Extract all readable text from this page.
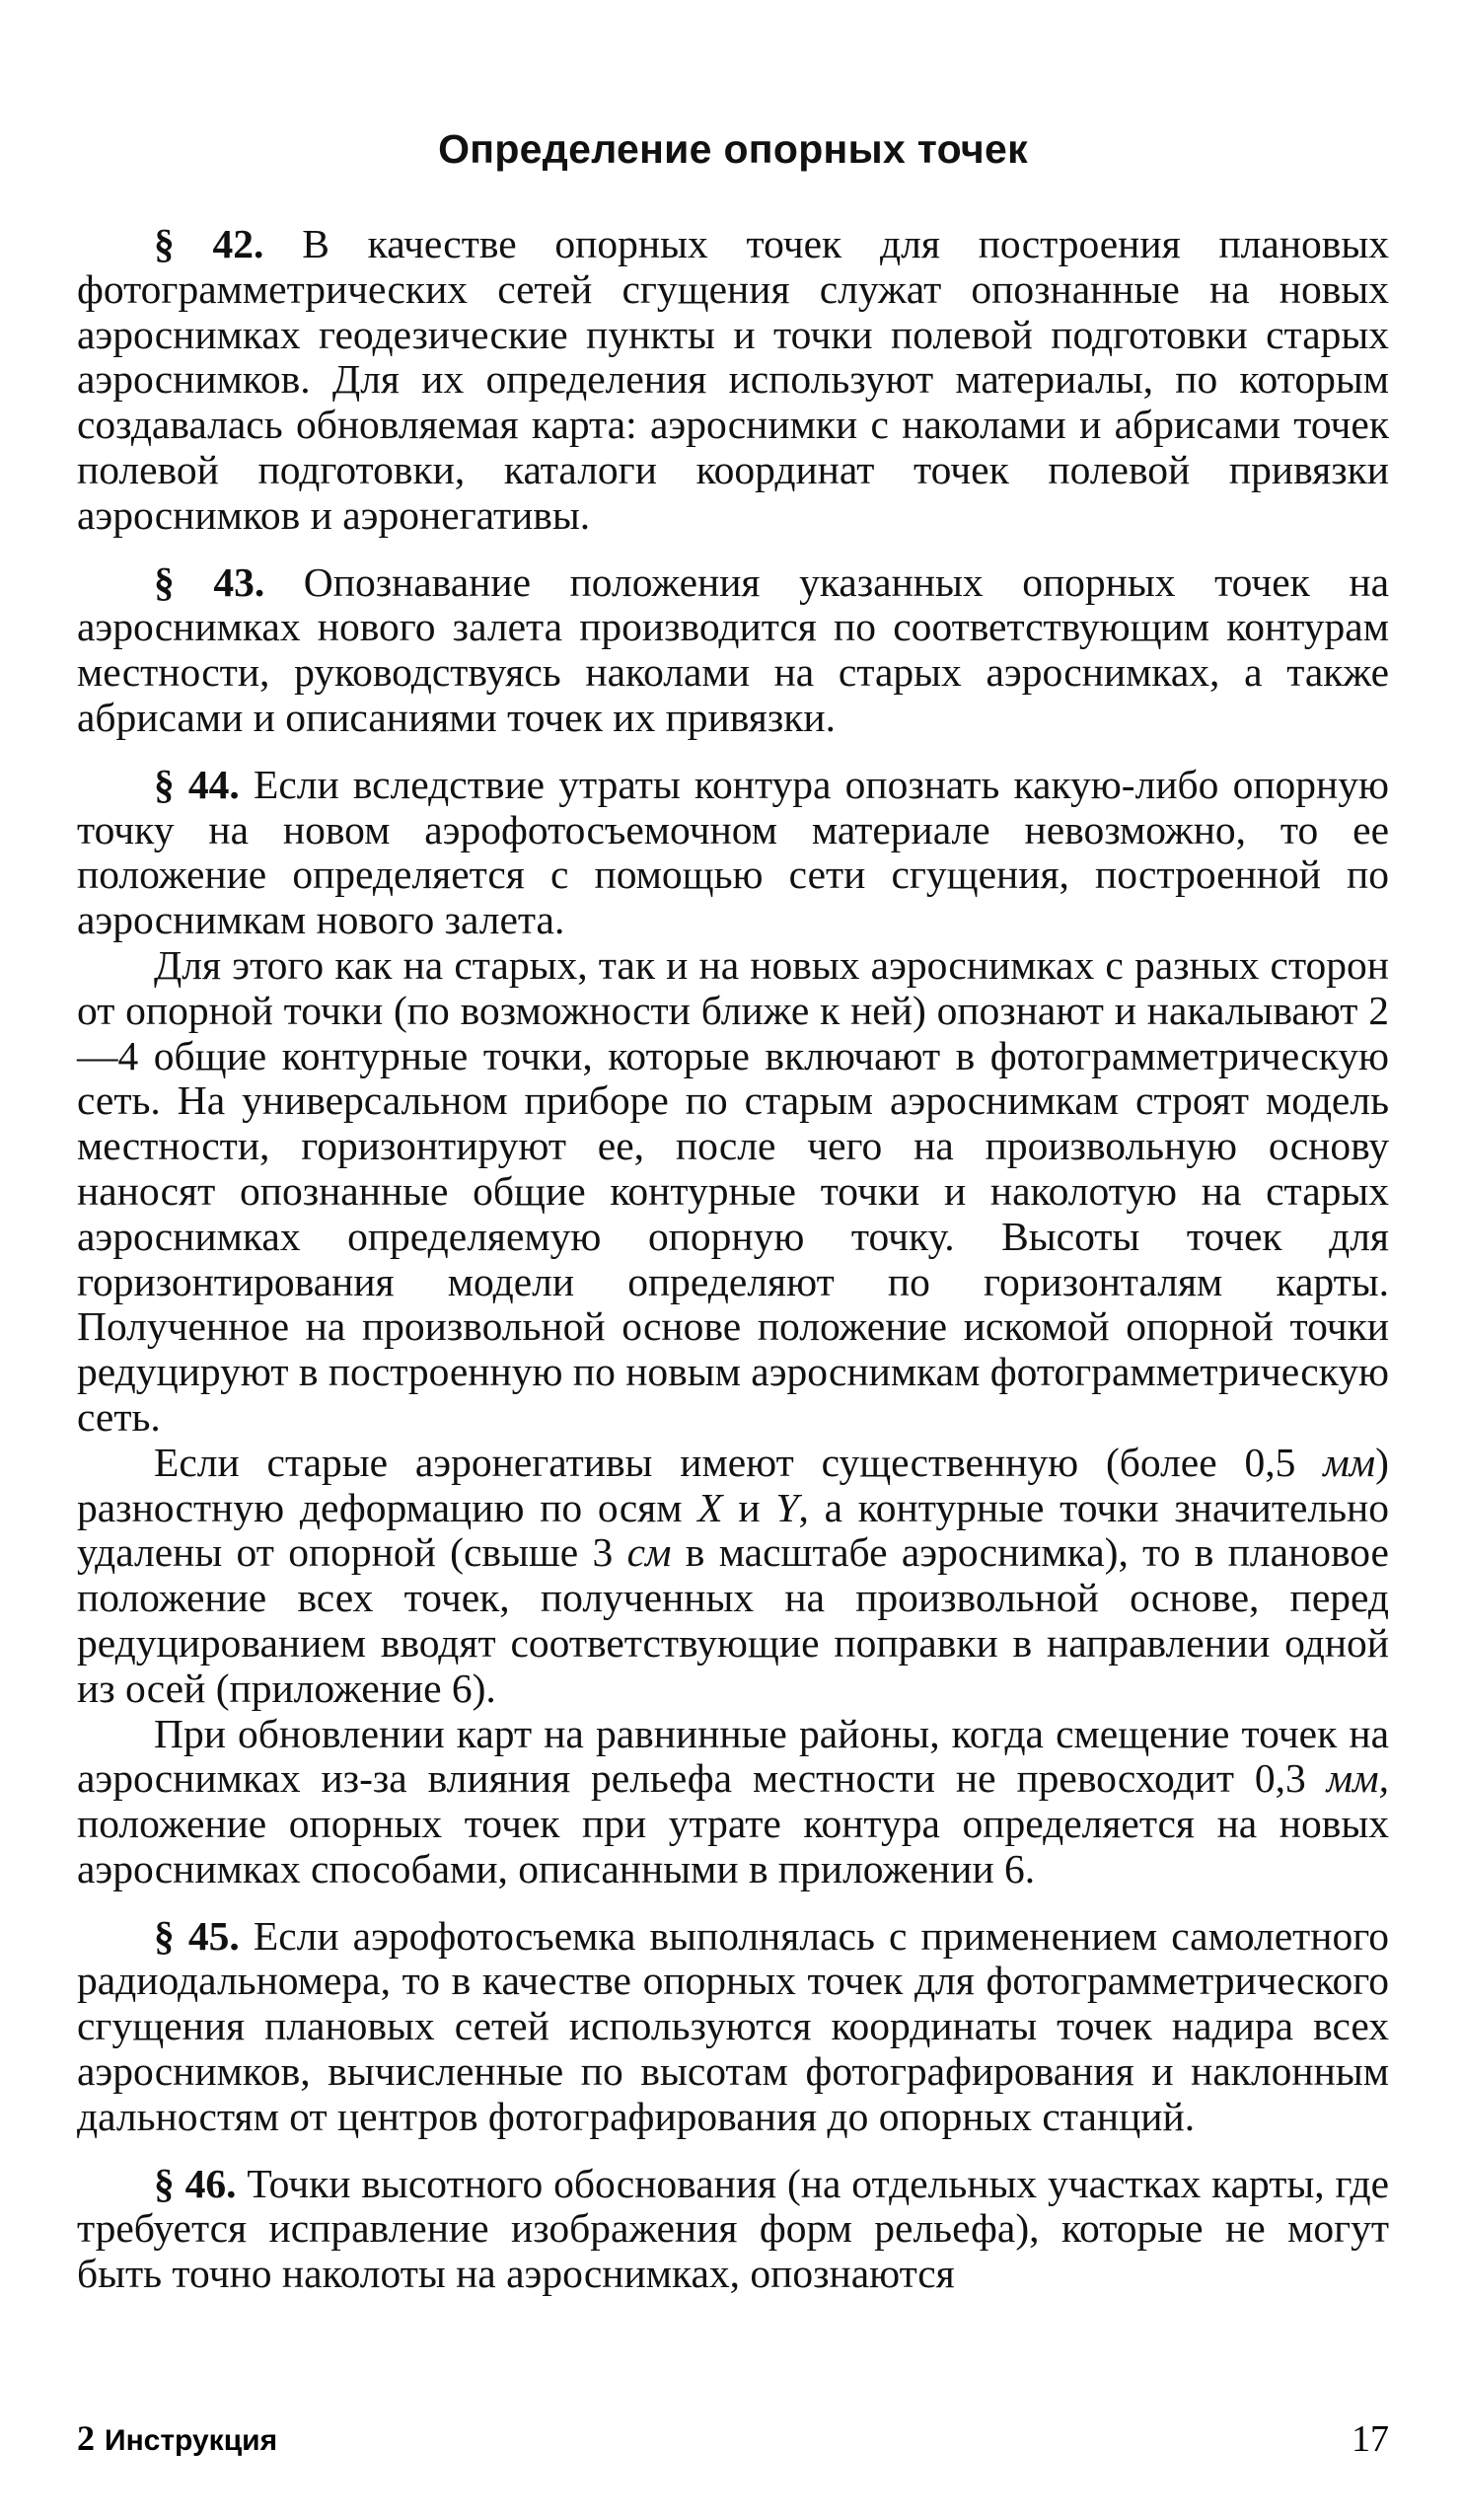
Определение опорных точек

§ 42. В качестве опорных точек для построения плановых фотограмметрических сетей сгущения служат опознанные на новых аэроснимках геодезические пункты и точки полевой подготовки старых аэроснимков. Для их определения используют материалы, по которым создавалась обновляемая карта: аэроснимки с наколами и абрисами точек полевой подготовки, каталоги координат точек полевой привязки аэроснимков и аэронегативы.

§ 43. Опознавание положения указанных опорных точек на аэроснимках нового залета производится по соответствующим контурам местности, руководствуясь наколами на старых аэроснимках, а также абрисами и описаниями точек их привязки.

§ 44. Если вследствие утраты контура опознать какую-либо опорную точку на новом аэрофотосъемочном материале невозможно, то ее положение определяется с помощью сети сгущения, построенной по аэроснимкам нового залета.

Для этого как на старых, так и на новых аэроснимках с разных сторон от опорной точки (по возможности ближе к ней) опознают и накалывают 2—4 общие контурные точки, которые включают в фотограмметрическую сеть. На универсальном приборе по старым аэроснимкам строят модель местности, горизонтируют ее, после чего на произвольную основу наносят опознанные общие контурные точки и наколотую на старых аэроснимках определяемую опорную точку. Высоты точек для горизонтирования модели определяют по горизонталям карты. Полученное на произвольной основе положение искомой опорной точки редуцируют в построенную по новым аэроснимкам фотограмметрическую сеть.

Если старые аэронегативы имеют существенную (более 0,5 мм) разностную деформацию по осям X и Y, а контурные точки значительно удалены от опорной (свыше 3 см в масштабе аэроснимка), то в плановое положение всех точек, полученных на произвольной основе, перед редуцированием вводят соответствующие поправки в направлении одной из осей (приложение 6).

При обновлении карт на равнинные районы, когда смещение точек на аэроснимках из-за влияния рельефа местности не превосходит 0,3 мм, положение опорных точек при утрате контура определяется на новых аэроснимках способами, описанными в приложении 6.

§ 45. Если аэрофотосъемка выполнялась с применением самолетного радиодальномера, то в качестве опорных точек для фотограмметрического сгущения плановых сетей используются координаты точек надира всех аэроснимков, вычисленные по высотам фотографирования и наклонным дальностям от центров фотографирования до опорных станций.

§ 46. Точки высотного обоснования (на отдельных участках карты, где требуется исправление изображения форм рельефа), которые не могут быть точно наколоты на аэроснимках, опознаются

2 Инструкция	17
